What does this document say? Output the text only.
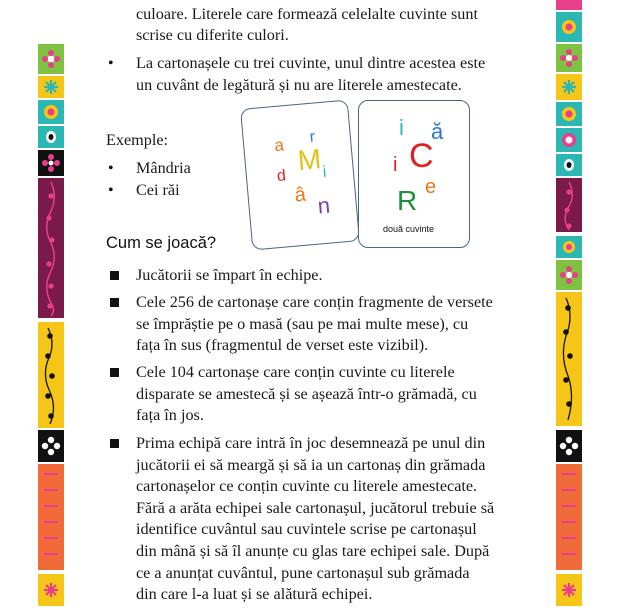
culoare. Literele care formează celelalte cuvinte sunt
scrise cu diferite culori.
• La cartonașele cu trei cuvinte, unul dintre acestea este
un cuvânt de legătură și nu are literele amestecate.
Exemple:
• Mândria
• Cei răi
a r
M
d i
â n
i ă
C
i
e
R
două cuvinte
Cum se joacă?
Jucătorii se împart în echipe.
Cele 256 de cartonașe care conțin fragmente de versete
se împrăștie pe o masă (sau pe mai multe mese), cu
fața în sus (fragmentul de verset este vizibil).
Cele 104 cartonașe care conțin cuvinte cu literele
disparate se amestecă și se așează într-o grămadă, cu
fața în jos.
Prima echipă care intră în joc desemnează pe unul din
jucătorii ei să meargă și să ia un cartonaș din grămada
cartonașelor ce conțin cuvinte cu literele amestecate.
Fără a arăta echipei sale cartonașul, jucătorul trebuie să
identifice cuvântul sau cuvintele scrise pe cartonașul
din mână și să îl anunțe cu glas tare echipei sale. După
ce a anunțat cuvântul, pune cartonașul sub grămada
din care l-a luat și se alătură echipei.
